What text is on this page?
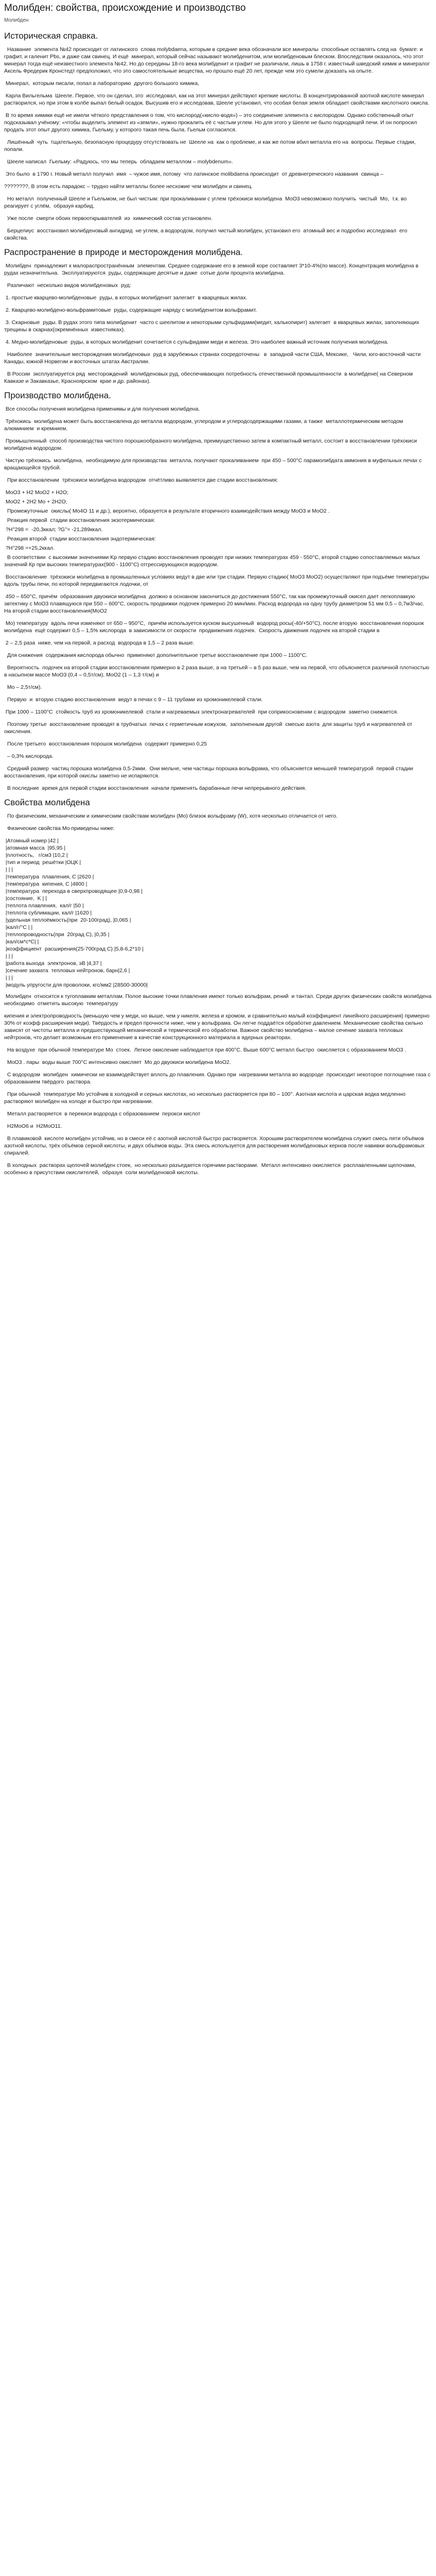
Молибден: свойства, происхождение и производство
Молибден
Историческая справка.
Название  элемента №42 происходит от латинского  слова molybdaena, которым в средние века обозначали все минералы  способные оставлять след на  бумаге: и графит, и галенит Pbs, и даже сам свинец. И ещё  минерал, который сейчас называют молибденитом, или молибденовым блеском. Впоследствии оказалось, что этот минерал тогда ещё неизвестного элемента №42. Но до середины 18-го века молибденит и графит не различали, лишь в 1758 г. известный шведский химик и минералог Аксель Фредерик Кронстедт предположил, что это самостоятельные вещества, но прошло ещё 20 лет, прежде чем это сумели доказать на опыте.
Минерал,  которым писали, попал в лабораторию  другого большого химика,
Карла Вильгельма  Шееле. Первое, что он сделал, это  исследовал, как на этот минерал действуют крепкие кислоты. В концентрированной азотной кислоте минерал растворился, но при этом в колбе выпал белый осадок. Высушив его и исследовав, Шееле установил, что особая белая земля обладает свойствами кислотного окисла.
В то время химики ещё не имели чёткого представления о том, что кислород(«кисло-водя») – это соединение элемента с кислородом. Однако собственный опыт подсказывал учёному: «чтобы выделить элемент из «земли», нужно прокалить её с частым углем. Но для этого у Шееле не было подходящей печи. И он попросил продать этот опыт другого химика, Гьельму, у которого такая печь была. Гьельм согласился.
Лишённый  чуть  тщательную, безопасную процедуру отсутствовать не  Шееле на  как о проблеме, и как же потом вбил металла его на  вопросы. Первые стадии, попали.
Шееле написал  Гьельму: «Радуюсь, что мы теперь  обладаем металлом – molybdenum».
Это было  в 1790 г. Новый металл получил  имя  – чужое имя, потому  что латинское molibdaena происходит  от древнегреческого названия  свинца –
????????, В этом есть парадокс – трудно найти металлы более несхожие чем молибден и свинец.
Но металл  полученный Шееле и Гьельмом, не был чистым: при прокаливании с углем трёхокиси молибдена  MoO3 невозможно получить  чистый  Mo,  т.к. во реагирует с углём,  образуя карбид.
Уже после  смерти обоих первооткрывателей  из  химический состав установлен.
Берцелиус  восстановил молибденовый ангидрид  не углем, а водородом, получил чистый молибден, установил его  атомный вес и подробно исследовал  его свойства.
Распространение в природе и месторождения молибдена.
Молибден  принадлежит к малораспространённым  элементам. Среднее содержание его в земной коре составляет 3*10-4%(по массе). Концентрация молибдена в рудах незначительна.  Эксплуатируются  руды, содержащие десятые и даже  сотые доли процента молибдена.
Различают  несколько видов молибденовых  руд:
1. простые кварцево-молибденовые  руды, в которых молибденит залегает  в кварцевых жилах.
2. Кварцево-молибдено-вольфрамитовые  руды, содержащие наряду с молибденитом вольфрамит.
3. Скарновые  руды. В рудах этого типа молибденит  часто с шеелитом и некоторыми сульфидами(медит, халькопирит) залегает  в кварцевых жилах, заполняющих трещины в скарнах(окремнённых  известняках).
4. Медно-молибденовые  руды, в которых молибденит сочетается с сульфидами меди и железа. Это наиболее важный источник получения молибдена.
Наиболее  значительные месторождения молибденовых  руд в зарубежных странах сосредоточены   в  западной части США, Мексике,   Чили, юго-восточной части Канады, южной Норвегии и восточных штатах Австралии.
В России  эксплуатируется ряд  месторождений  молибденовых руд, обеспечивающих потребность отечественной промышленности  в молибдене( на Северном  Кавказе и Закавказье, Красноярском  крае и др. районах).
Производство молибдена.
Все способы получения молибдена применимы и для получения молибдена.
Трёхокись  молибдена может быть восстановлена до металла водородом, углеродом и углеродсодержащими газами, а также  металлотермическим методом алюминием  и кремнием.
Промышленный  способ производства чистого порошкообразного молибдена, преимущественно затем в компактный металл, состоит в восстановлении трёхокиси молибдена водородом.
Чистую трёхокись  молибдена,  необходимую для производства  металла, получают прокаливанием  при 450 – 500°С парамолибдата аммония в муфельных печах с вращающейся трубой.
При восстановлении  трёхокиси молибдена водородом  отчётливо выявляется две стадии восстановления:
MoO3 + H2 MoO2 + H2O;
MoO2 + 2H2 Mo + 2H2O;
Промежуточные  окислы( Mo4O 11 и др.), вероятно, образуется в результате вторичного взаимодействия между MoO3 и MoO2 .
Реакция первой  стадии восстановления экзотермическая:
?H°298 =  -20,3ккал; ?G°= -21,289ккал.
Реакция второй  стадии восстановления эндотермическая:
?H°298 =+25,2ккал.
В соответствии  с высокими значениями Kp первую стадию восстановления проводят при низких температурах 459 - 550°C, второй стадию сопоставляемых малых значений Кр при высоких температурах(900 - 1100°C) отгрессирующихся водородом.
Восстановление  трёхокиси молибдена в промышленных условиях ведут в две или три стадии. Первую стадию( MoO3 MoO2) осуществляют при подъёме температуры вдоль трубы печи, по которой передвигаются лодочки, от
450 – 650°C, причём  образования двуокиси молибдена  должно в основном закончиться до достижения 550°C, так как промежуточный окисел дает легкоплавкую эвтектику с MoO3 плавящуюся при 550 – 600°C, скорость продвижки лодочек примерно 20 мин/мин. Расход водорода на одну трубу диаметром 51 мм 0,5 – 0,7м3/час. На второй стадии восстановления(MoO2
Mo) температуру  вдоль печи изменяют от 650 – 950°C,  причём используется куском высушенный  водород росы(-40/+50°C), после вторую  восстановления порошок молибдена  ещё содержит 0,5 – 1,5% кислорода  в зависимости от скорости  продвижения лодочек.  Скорость движения лодочек на второй стадии в
2 – 2,5 раза  ниже, чем на первой, а расход  водорода в 1,5 – 2 раза выше.
Для снижения  содержания кислорода обычно  применяют дополнительное третье восстановление при 1000 – 1100°C.
Вероятность  лодочек на второй стадии восстановления примерно в 2 раза выше, а на третьей – в 5 раз выше, чем на первой, что объясняется различной плотностью в насыпном массе MoO3 (0,4 – 0,5т/см), MoO2 (1 – 1,3 т/см) и
Mo – 2,5т/см).
Первую  и  вторую стадию восстановления  ведут в печах с 9 – 11 трубами из хромоникелевой стали.
При 1000 – 1100°С  стойкость труб из хромоникелевой  стали и нагреваемых электронагревателей  при соприкосновении с водородом  заметно снижается.
Поэтому третье  восстановление проводят в трубчатых  печах с герметичным кожухом,  заполненным другой  смесью азота  для защиты труб и нагревателей от окисления.
После третьего  восстановления порошок молибдена  содержит примерно 0,25
– 0,3% кислорода.
Средний размер  частиц порошка молибдена 0,5-2мкм.  Они мельче, чем частицы порошка вольфрама, что объясняется меньшей температурой  первой стадии  восстановления, при которой окислы заметно не испаряются.
В последние  время для первой стадии восстановления  начали применять барабанные печи непрерывного действия.
Свойства молибдена
По физическим, механическим и химическим свойствам молибден (Mo) близок вольфраму (W), хотя несколько отличается от него.
Физические свойства Mo приведены ниже:
|Атомный номер |42 |
|атомная масса  |95,95 |
|плотность,   г/см3 |10,2 |
|тип и период  решётки |ОЦК |
| | |
|температура  плавления, C |2620 |
|температура  кипения, С |4800 |
|температура  перехода в сверхпроводящее |0,9-0,98 |
|состояние,  K | |
|теплота плавления,  кал/г |50 |
|теплота сублимации, кал/г |1620 |
|удельная теплоёмкость(при  20-100град), |0,065 |
|кал/г/°C | |
|теплопроводность(при  20град С), |0,35 |
|кал/см*с*C| |
|коэффициент  расширения(25-700град С) |5,8-6,2*10 |
| | |
|работа выхода  электронов, эВ |4,37 |
|сечение захвата  тепловых нейтронов, барн|2,6 |
| | |
|модуль упругости для проволоки, кгс/мм2 |28500-30000|
Молибден  относится к тугоплавким металлам. Полое высокие точки плавления имеют только вольфрам, рений  и тантал. Среди других физических свойств молибдена  необходимо  отметить высокую  температуру
кипения и электропроводность (меньшую чем у меди, но выше, чем у никеля, железа и хромом, и сравнительно малый коэффициент линейного расширения) примерно 30% от коэфф расширения меди). Твёрдость и предел прочности ниже, чем у вольфрама. Он легче поддаётся обработке давлением. Механические свойства сильно зависят от чистоты металла и предшествующей механической и термической его обработки. Важное свойство молибдена – малое сечение захвата тепловых нейтронов, что делает возможным его применение в качестве конструкционного материала в ядерных реакторах.
На воздухе  при обычной температуре Mo  стоек.  Легкое окисление наблюдается при 400°С. Выше 600°С металл быстро  окисляется с образованием MoO3 .
MoO3 . пары  воды выше 700°С интенсивно окисляет  Mo до двуокиси молибдена MoO2.
С водородом  молибден  химически не взаимодействует вплоть до плавления. Однако при  нагревании металла во водороде  происходит некоторое поглощение газа с образованием твёрдого  раствора.
При обычной  температуре Mo устойчив в холодной и серных кислотах, но несколько растворяется при 80 – 100°. Азотная кислота и царская водка медленно растворяют молибден на холоде и быстро при нагревании.
Металл растворяется  в перекиси водорода с образованием  перокси кислот
H2MoO6 и  H2MoO11.
В плавиковой  кислоте молибден устойчив, но в смеси её с азотной кислотой быстро растворяется. Хорошим растворителем молибдена служит смесь пяти объёмов азотной кислоты, трёх объёмов серной кислоты, и двух объёмов воды. Эта смесь используется для растворения молибденовых кернов после навивки вольфрамовых спиралей.
В холодных  растворах щелочей молибден стоек,  но несколько разъедается горячими растворами.  Металл интенсивно окисляется  расплавленными щелочами, особенно в присутствии окислителей,  образуя  соли молибденовой кислоты.
